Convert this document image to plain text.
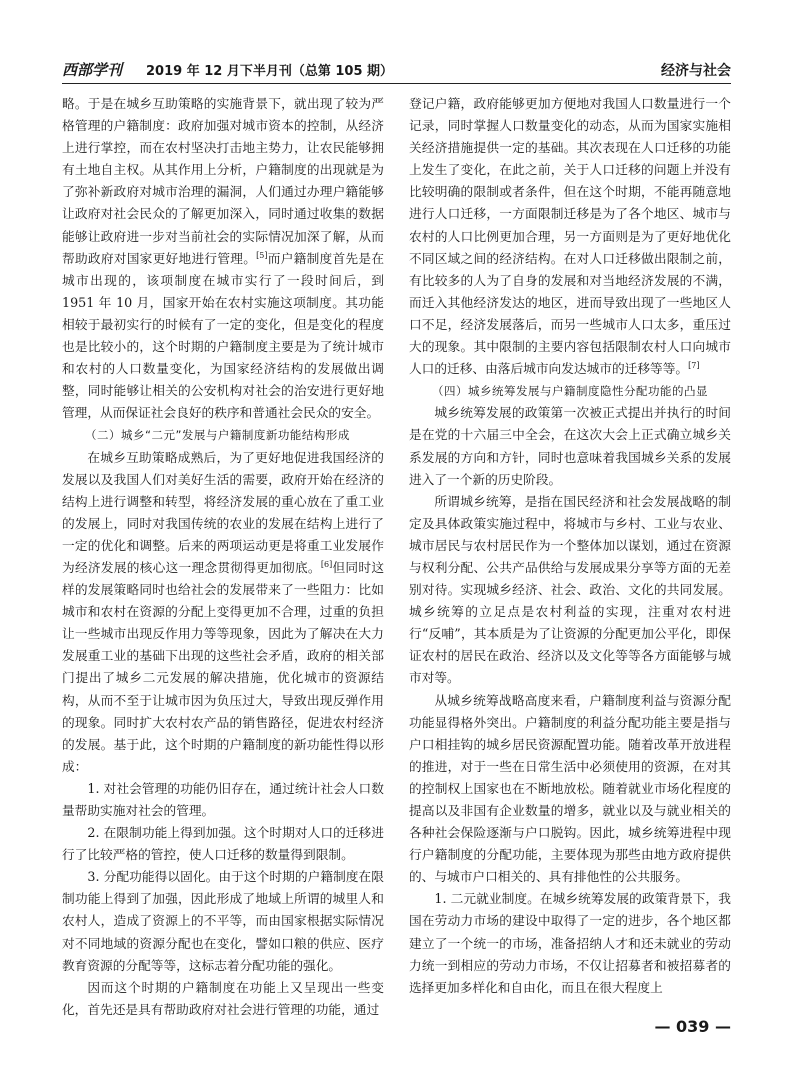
西部学刊 2019 年 12 月下半月刊（总第 105 期）	经济与社会

略。于是在城乡互助策略的实施背景下，就出现了较为严格管理的户籍制度：政府加强对城市资本的控制，从经济上进行掌控，而在农村坚决打击地主势力，让农民能够拥有土地自主权。从其作用上分析，户籍制度的出现就是为了弥补新政府对城市治理的漏洞，人们通过办理户籍能够让政府对社会民众的了解更加深入，同时通过收集的数据能够让政府进一步对当前社会的实际情况加深了解，从而帮助政府对国家更好地进行管理。[5]而户籍制度首先是在城市出现的，该项制度在城市实行了一段时间后，到 1951 年 10 月，国家开始在农村实施这项制度。其功能相较于最初实行的时候有了一定的变化，但是变化的程度也是比较小的，这个时期的户籍制度主要是为了统计城市和农村的人口数量变化，为国家经济结构的发展做出调整，同时能够让相关的公安机构对社会的治安进行更好地管理，从而保证社会良好的秩序和普通社会民众的安全。

（二）城乡“二元”发展与户籍制度新功能结构形成

在城乡互助策略成熟后，为了更好地促进我国经济的发展以及我国人们对美好生活的需要，政府开始在经济的结构上进行调整和转型，将经济发展的重心放在了重工业的发展上，同时对我国传统的农业的发展在结构上进行了一定的优化和调整。后来的两项运动更是将重工业发展作为经济发展的核心这一理念贯彻得更加彻底。[6]但同时这样的发展策略同时也给社会的发展带来了一些阻力：比如城市和农村在资源的分配上变得更加不合理，过重的负担让一些城市出现反作用力等等现象，因此为了解决在大力发展重工业的基础下出现的这些社会矛盾，政府的相关部门提出了城乡二元发展的解决措施，优化城市的资源结构，从而不至于让城市因为负压过大，导致出现反弹作用的现象。同时扩大农村农产品的销售路径，促进农村经济的发展。基于此，这个时期的户籍制度的新功能性得以形成：

1. 对社会管理的功能仍旧存在，通过统计社会人口数量帮助实施对社会的管理。

2. 在限制功能上得到加强。这个时期对人口的迁移进行了比较严格的管控，使人口迁移的数量得到限制。

3. 分配功能得以固化。由于这个时期的户籍制度在限制功能上得到了加强，因此形成了地域上所谓的城里人和农村人，造成了资源上的不平等，而由国家根据实际情况对不同地域的资源分配也在变化，譬如口粮的供应、医疗教育资源的分配等等，这标志着分配功能的强化。

因而这个时期的户籍制度在功能上又呈现出一些变化，首先还是具有帮助政府对社会进行管理的功能，通过

登记户籍，政府能够更加方便地对我国人口数量进行一个记录，同时掌握人口数量变化的动态，从而为国家实施相关经济措施提供一定的基础。其次表现在人口迁移的功能上发生了变化，在此之前，关于人口迁移的问题上并没有比较明确的限制或者条件，但在这个时期，不能再随意地进行人口迁移，一方面限制迁移是为了各个地区、城市与农村的人口比例更加合理，另一方面则是为了更好地优化不同区域之间的经济结构。在对人口迁移做出限制之前，有比较多的人为了自身的发展和对当地经济发展的不满，而迁入其他经济发达的地区，进而导致出现了一些地区人口不足，经济发展落后，而另一些城市人口太多，重压过大的现象。其中限制的主要内容包括限制农村人口向城市人口的迁移、由落后城市向发达城市的迁移等等。[7]

（四）城乡统筹发展与户籍制度隐性分配功能的凸显

城乡统筹发展的政策第一次被正式提出并执行的时间是在党的十六届三中全会，在这次大会上正式确立城乡关系发展的方向和方针，同时也意味着我国城乡关系的发展进入了一个新的历史阶段。

所谓城乡统筹，是指在国民经济和社会发展战略的制定及具体政策实施过程中，将城市与乡村、工业与农业、城市居民与农村居民作为一个整体加以谋划，通过在资源与权利分配、公共产品供给与发展成果分享等方面的无差别对待。实现城乡经济、社会、政治、文化的共同发展。城乡统筹的立足点是农村利益的实现，注重对农村进行“反哺”，其本质是为了让资源的分配更加公平化，即保证农村的居民在政治、经济以及文化等等各方面能够与城市对等。

从城乡统筹战略高度来看，户籍制度利益与资源分配功能显得格外突出。户籍制度的利益分配功能主要是指与户口相挂钩的城乡居民资源配置功能。随着改革开放进程的推进，对于一些在日常生活中必须使用的资源，在对其的控制权上国家也在不断地放松。随着就业市场化程度的提高以及非国有企业数量的增多，就业以及与就业相关的各种社会保险逐渐与户口脱钩。因此，城乡统筹进程中现行户籍制度的分配功能，主要体现为那些由地方政府提供的、与城市户口相关的、具有排他性的公共服务。

1. 二元就业制度。在城乡统筹发展的政策背景下，我国在劳动力市场的建设中取得了一定的进步，各个地区都建立了一个统一的市场，准备招纳人才和还未就业的劳动力统一到相应的劳动力市场，不仅让招募者和被招募者的选择更加多样化和自由化，而且在很大程度上

— 039 —
